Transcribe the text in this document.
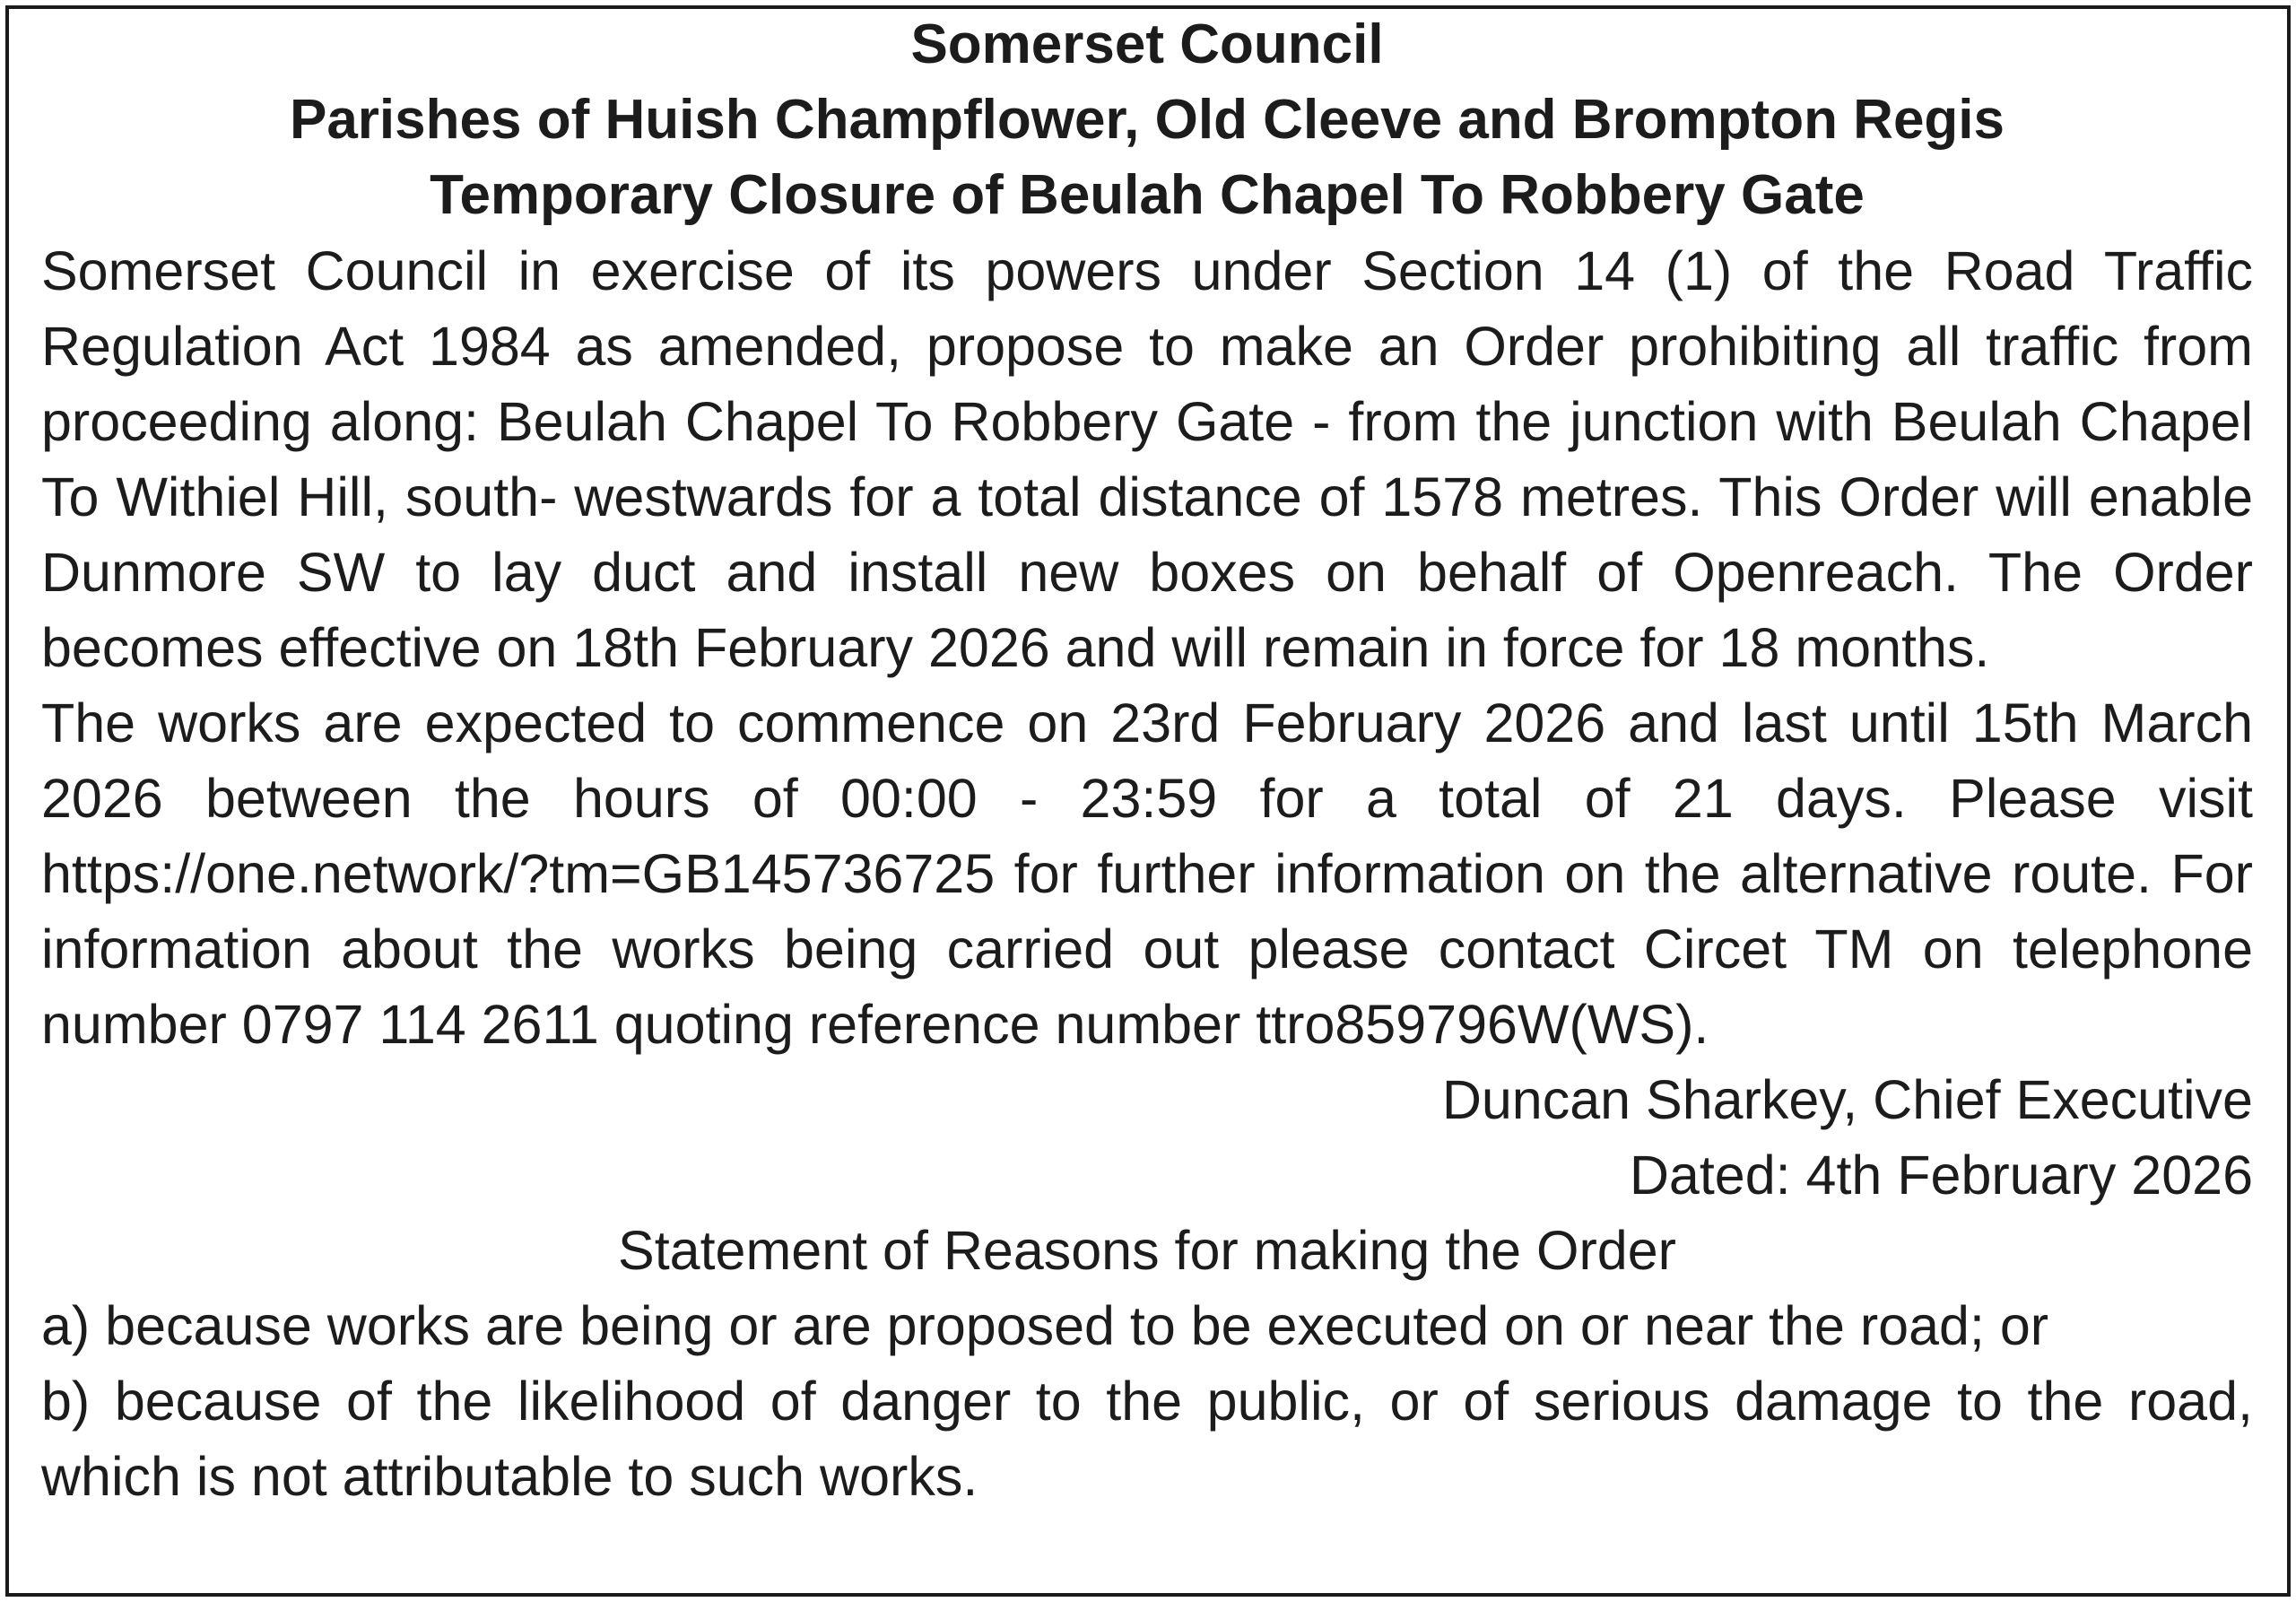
Somerset Council

Parishes of Huish Champflower, Old Cleeve and Brompton Regis

Temporary Closure of Beulah Chapel To Robbery Gate

Somerset Council in exercise of its powers under Section 14 (1) of the Road Traffic Regulation Act 1984 as amended, propose to make an Order prohibiting all traffic from proceeding along: Beulah Chapel To Robbery Gate - from the junction with Beulah Chapel To Withiel Hill, south- westwards for a total distance of 1578 metres. This Order will enable Dunmore SW to lay duct and install new boxes on behalf of Openreach. The Order becomes effective on 18th February 2026 and will remain in force for 18 months.

The works are expected to commence on 23rd February 2026 and last until 15th March 2026 between the hours of 00:00 - 23:59 for a total of 21 days. Please visit https://one.network/?tm=GB145736725 for further information on the alternative route. For information about the works being carried out please contact Circet TM on telephone number 0797 114 2611 quoting reference number ttro859796W(WS).

Duncan Sharkey, Chief Executive

Dated: 4th February 2026

Statement of Reasons for making the Order

a) because works are being or are proposed to be executed on or near the road; or

b) because of the likelihood of danger to the public, or of serious damage to the road, which is not attributable to such works.
